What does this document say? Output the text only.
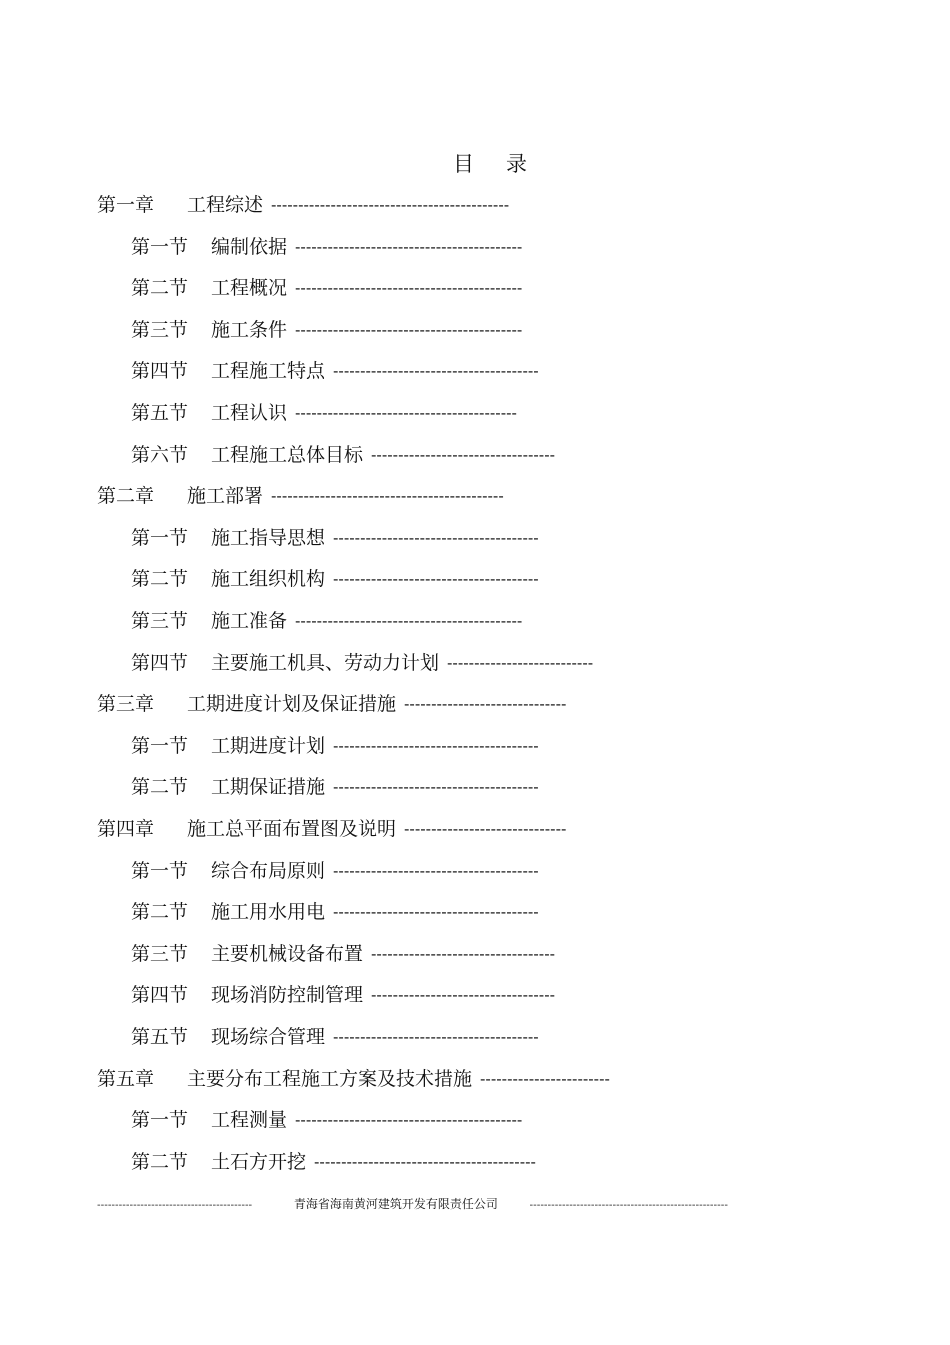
目 录
第一章 工程综述 --------------------------------------------
第一节 编制依据 ------------------------------------------
第二节 工程概况 ------------------------------------------
第三节 施工条件 ------------------------------------------
第四节 工程施工特点 --------------------------------------
第五节 工程认识 -----------------------------------------
第六节 工程施工总体目标 ----------------------------------
第二章 施工部署 -------------------------------------------
第一节 施工指导思想 --------------------------------------
第二节 施工组织机构 --------------------------------------
第三节 施工准备 ------------------------------------------
第四节 主要施工机具、劳动力计划 ---------------------------
第三章 工期进度计划及保证措施 ------------------------------
第一节 工期进度计划 --------------------------------------
第二节 工期保证措施 --------------------------------------
第四章 施工总平面布置图及说明 ------------------------------
第一节 综合布局原则 --------------------------------------
第二节 施工用水用电 --------------------------------------
第三节 主要机械设备布置 ----------------------------------
第四节 现场消防控制管理 ----------------------------------
第五节 现场综合管理 --------------------------------------
第五章 主要分布工程施工方案及技术措施 ------------------------
第一节 工程测量 ------------------------------------------
第二节 土石方开挖 -----------------------------------------
-------------------------------------------	青海省海南黄河建筑开发有限责任公司	-------------------------------------------------------
